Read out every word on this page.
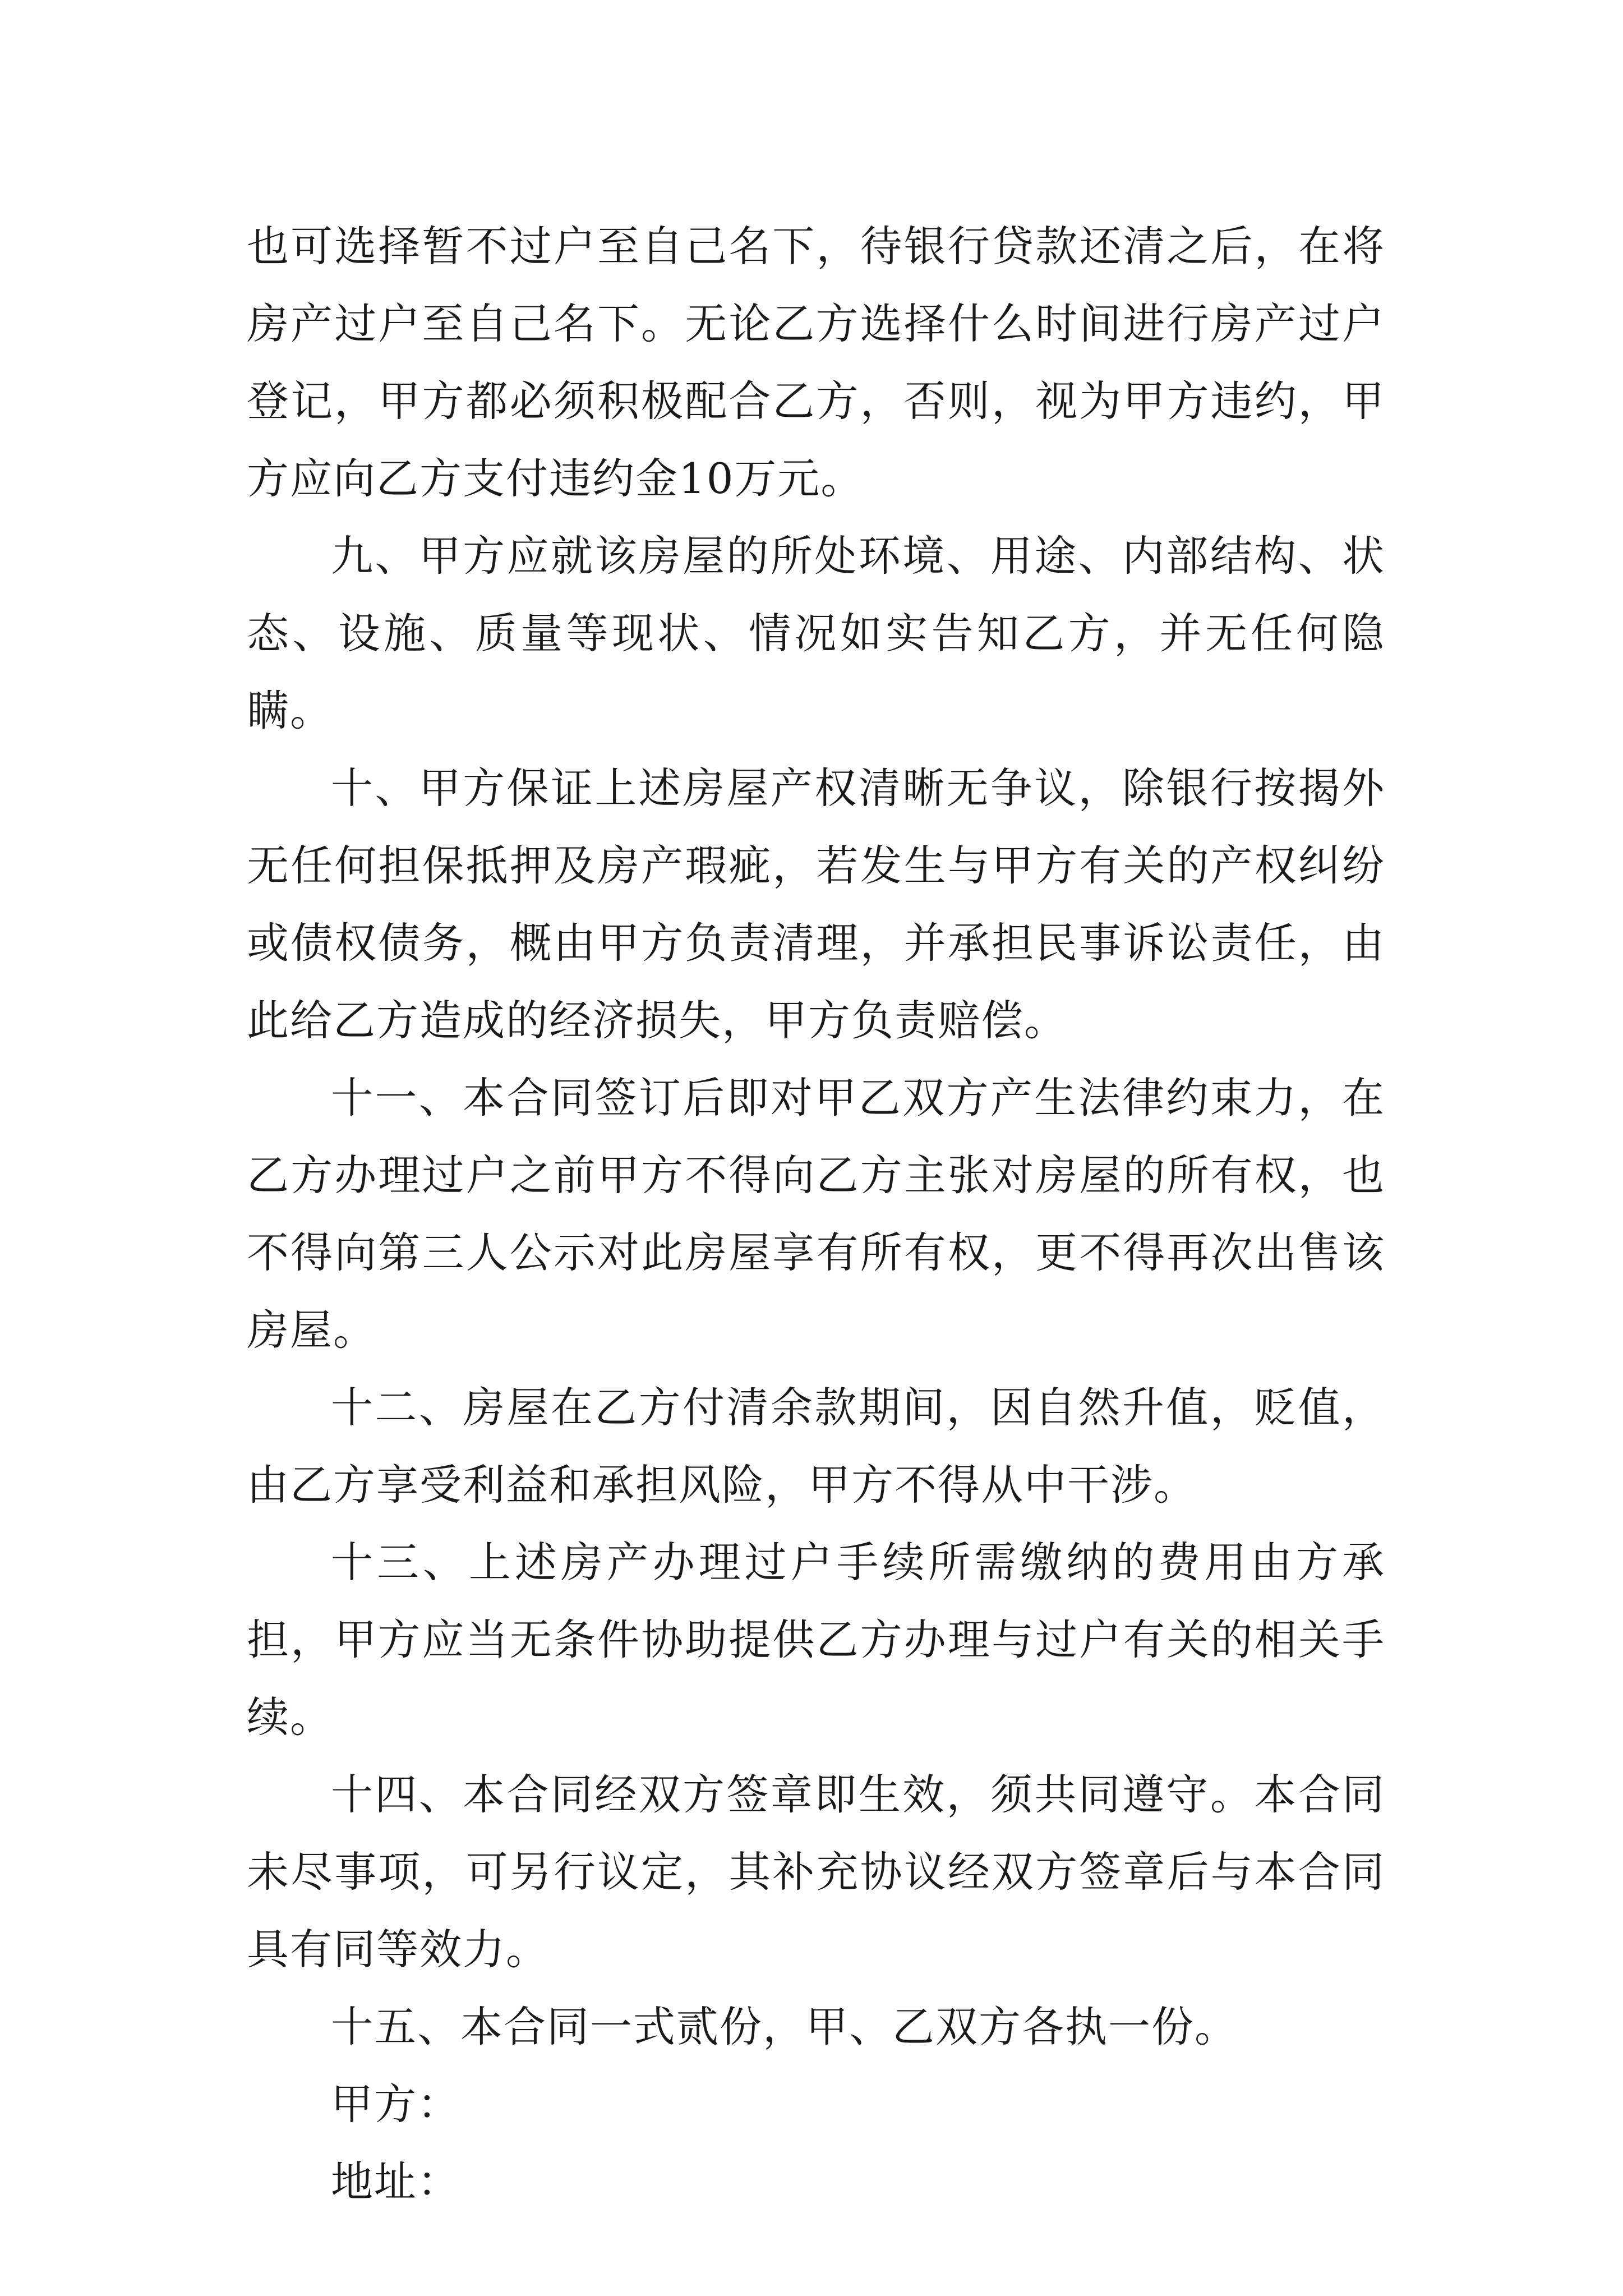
也可选择暂不过户至自己名下，待银行贷款还清之后，在将房产过户至自己名下。无论乙方选择什么时间进行房产过户登记，甲方都必须积极配合乙方，否则，视为甲方违约，甲方应向乙方支付违约金10万元。

九、甲方应就该房屋的所处环境、用途、内部结构、状态、设施、质量等现状、情况如实告知乙方，并无任何隐瞒。

十、甲方保证上述房屋产权清晰无争议，除银行按揭外无任何担保抵押及房产瑕疵，若发生与甲方有关的产权纠纷或债权债务，概由甲方负责清理，并承担民事诉讼责任，由此给乙方造成的经济损失，甲方负责赔偿。

十一、本合同签订后即对甲乙双方产生法律约束力，在乙方办理过户之前甲方不得向乙方主张对房屋的所有权，也不得向第三人公示对此房屋享有所有权，更不得再次出售该房屋。

十二、房屋在乙方付清余款期间，因自然升值，贬值，由乙方享受利益和承担风险，甲方不得从中干涉。

十三、上述房产办理过户手续所需缴纳的费用由方承担，甲方应当无条件协助提供乙方办理与过户有关的相关手续。

十四、本合同经双方签章即生效，须共同遵守。本合同未尽事项，可另行议定，其补充协议经双方签章后与本合同具有同等效力。

十五、本合同一式贰份，甲、乙双方各执一份。

甲方：

地址：
